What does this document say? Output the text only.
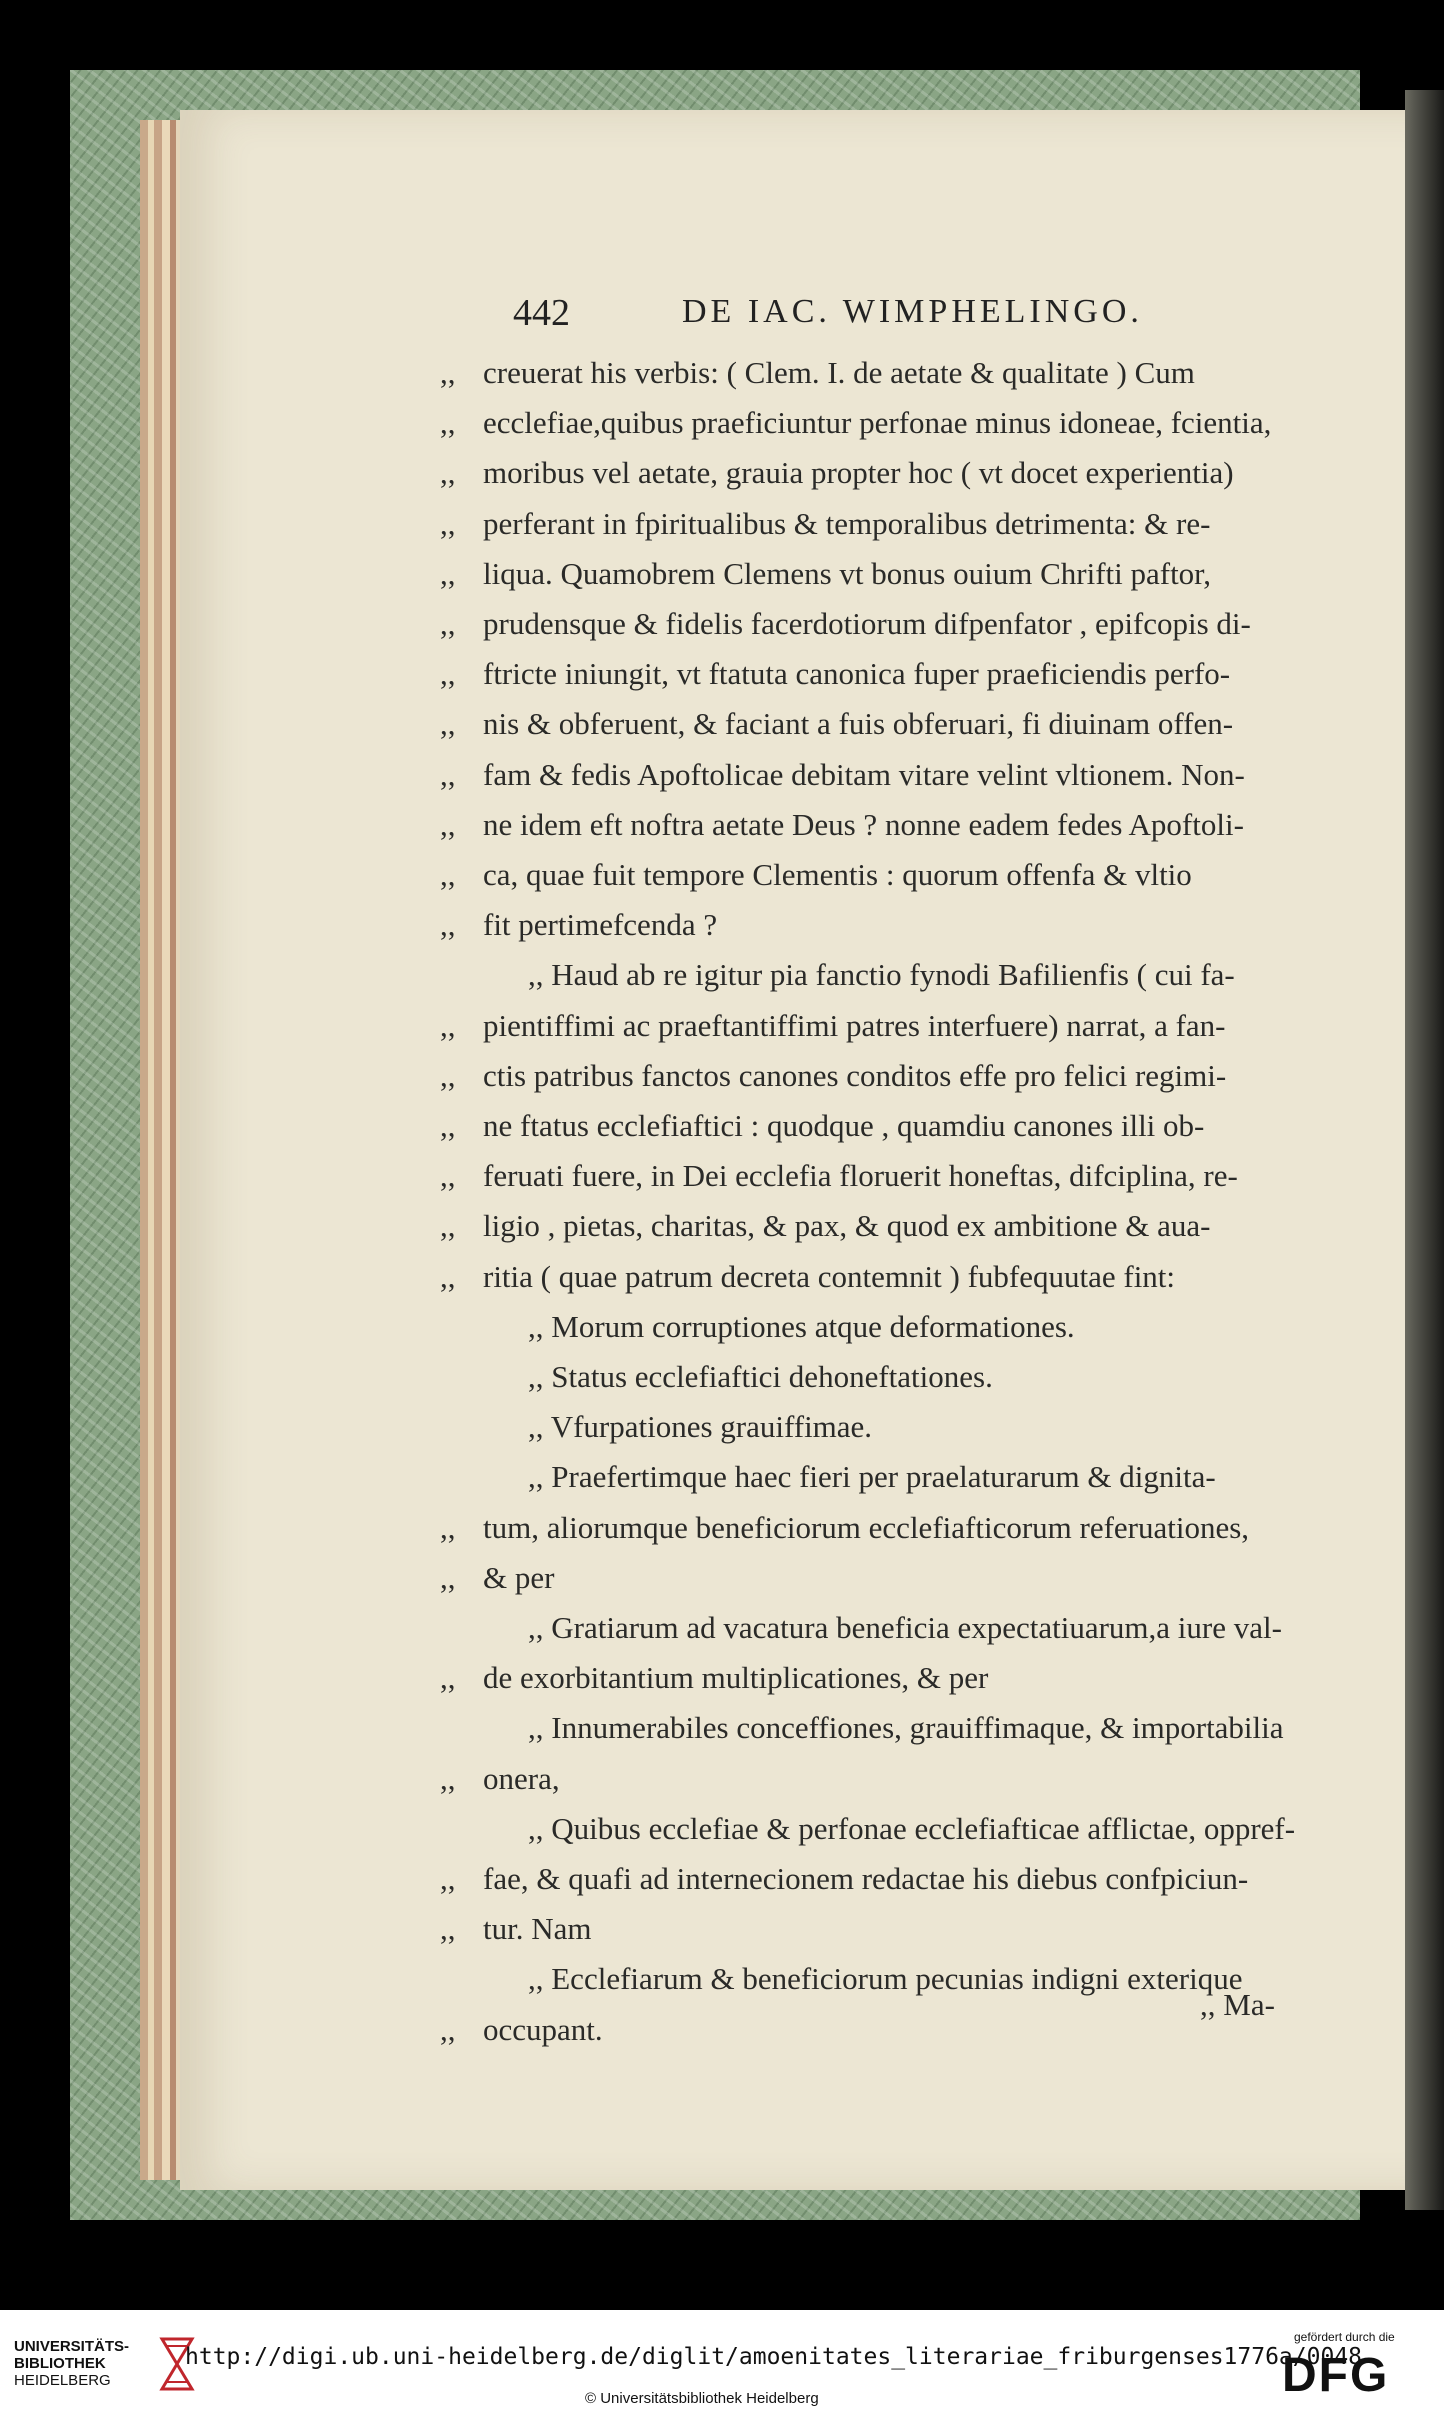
442	DE IAC. WIMPHELINGO.
,, creuerat his verbis: ( Clem. I. de aetate & qualitate ) Cum
,, ecclefiae,quibus praeficiuntur perfonae minus idoneae, fcientia,
,, moribus vel aetate, grauia propter hoc ( vt docet experientia)
,, perferant in fpiritualibus & temporalibus detrimenta: & re-
,, liqua. Quamobrem Clemens vt bonus ouium Chrifti paftor,
,, prudensque & fidelis facerdotiorum difpenfator , epifcopis di-
,, ftricte iniungit, vt ftatuta canonica fuper praeficiendis perfo-
,, nis & obferuent, & faciant a fuis obferuari, fi diuinam offen-
,, fam & fedis Apoftolicae debitam vitare velint vltionem. Non-
,, ne idem eft noftra aetate Deus ? nonne eadem fedes Apoftoli-
,, ca, quae fuit tempore Clementis : quorum offenfa & vltio
,, fit pertimefcenda ?
,, Haud ab re igitur pia fanctio fynodi Bafilienfis ( cui fa-
,, pientiffimi ac praeftantiffimi patres interfuere) narrat, a fan-
,, ctis patribus fanctos canones conditos effe pro felici regimi-
,, ne ftatus ecclefiaftici : quodque , quamdiu canones illi ob-
,, feruati fuere, in Dei ecclefia floruerit honeftas, difciplina, re-
,, ligio , pietas, charitas, & pax, & quod ex ambitione & aua-
,, ritia ( quae patrum decreta contemnit ) fubfequutae fint:
,, Morum corruptiones atque deformationes.
,, Status ecclefiaftici dehoneftationes.
,, Vfurpationes grauiffimae.
,, Praefertimque haec fieri per praelaturarum & dignita-
,, tum, aliorumque beneficiorum ecclefiafticorum referuationes,
,, & per
,, Gratiarum ad vacatura beneficia expectatiuarum,a iure val-
,, de exorbitantium multiplicationes, & per
,, Innumerabiles conceffiones, grauiffimaque, & importabilia
,, onera,
,, Quibus ecclefiae & perfonae ecclefiafticae afflictae, oppref-
,, fae, & quafi ad internecionem redactae his diebus confpiciun-
,, tur. Nam
,, Ecclefiarum & beneficiorum pecunias indigni exterique
,, occupant.
,, Ma-
UNIVERSITÄTS-
BIBLIOTHEK
HEIDELBERG
http://digi.ub.uni-heidelberg.de/diglit/amoenitates_literariae_friburgenses1776a/0048
© Universitätsbibliothek Heidelberg
gefördert durch die
DFG
